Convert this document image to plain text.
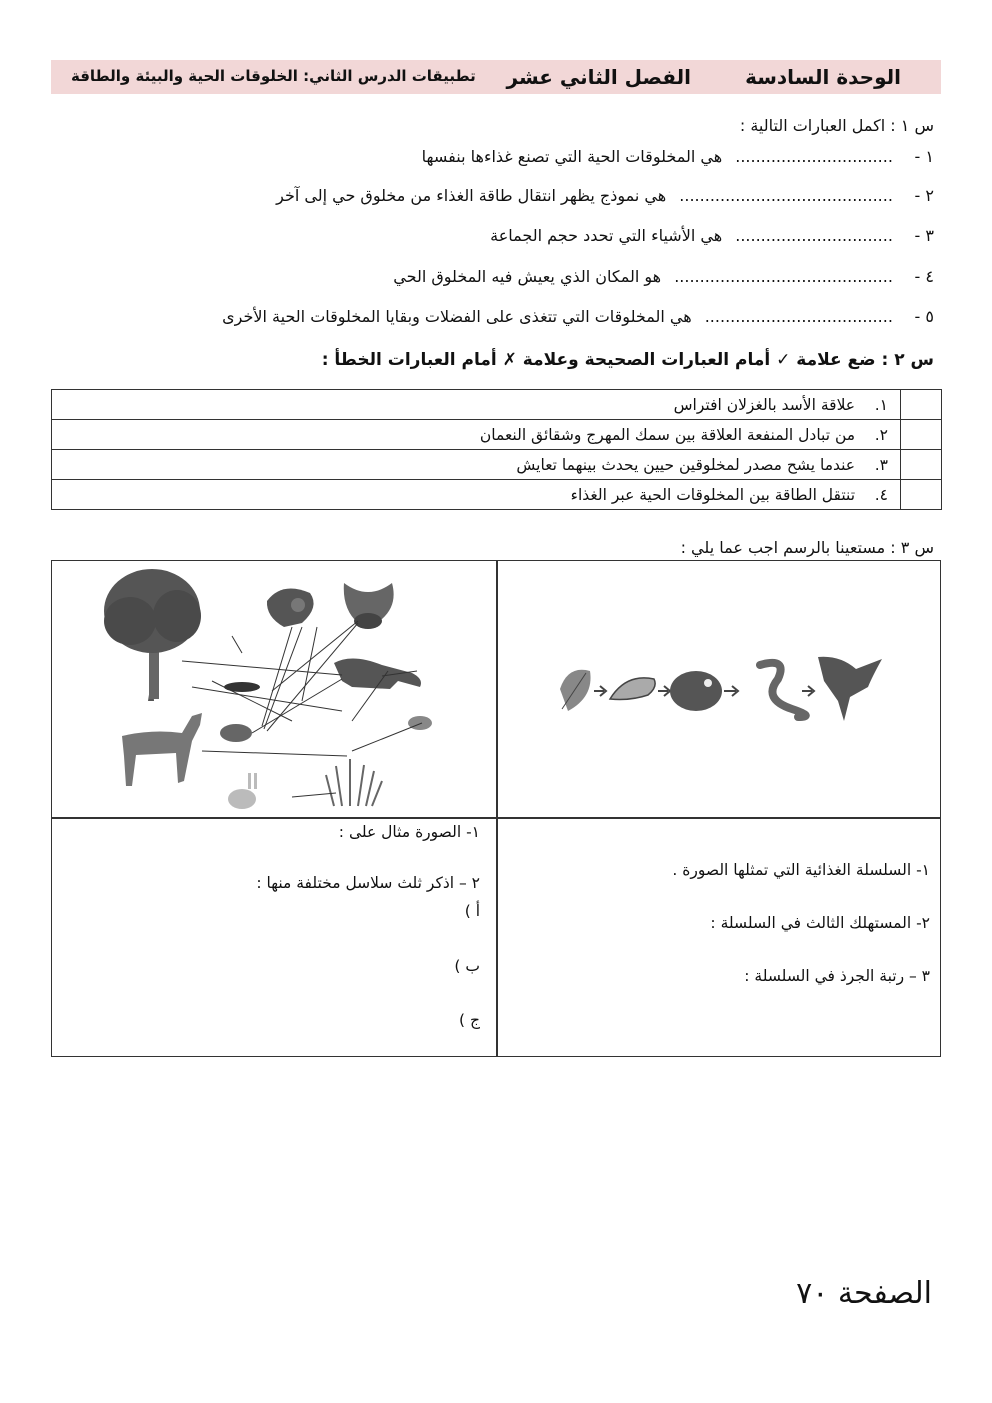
الوحدة السادسة
الفصل الثاني عشر
تطبيقات الدرس الثاني: الخلوقات الحية والبيئة والطاقة
س ١ : اكمل العبارات التالية :
١ - ............................... هي المخلوقات الحية التي تصنع غذاءها بنفسها
٢ - .......................................... هي نموذج يظهر انتقال طاقة الغذاء من مخلوق حي إلى آخر
٣ - ............................... هي الأشياء التي تحدد حجم الجماعة
٤ - ........................................... هو المكان الذي يعيش فيه المخلوق الحي
٥ - ..................................... هي المخلوقات التي تتغذى على الفضلات وبقايا المخلوقات الحية الأخرى
س ٢ : ضع علامة ✓ أمام العبارات الصحيحة وعلامة ✗ أمام العبارات الخطأ :
	١. علاقة الأسد بالغزلان افتراس
	٢. من تبادل المنفعة العلاقة بين سمك المهرج وشقائق النعمان
	٣. عندما يشح مصدر لمخلوقين حيين يحدث بينهما تعايش
	٤. تنتقل الطاقة بين المخلوقات الحية عبر الغذاء
س ٣ : مستعينا بالرسم اجب عما يلي :
١- السلسلة الغذائية التي تمثلها الصورة .
٢- المستهلك الثالث في السلسلة :
٣ – رتبة الجرذ في السلسلة :
١- الصورة مثال على :
٢ – اذكر ثلث سلاسل مختلفة منها :
أ )
ب )
ج )
الصفحة ٧٠
